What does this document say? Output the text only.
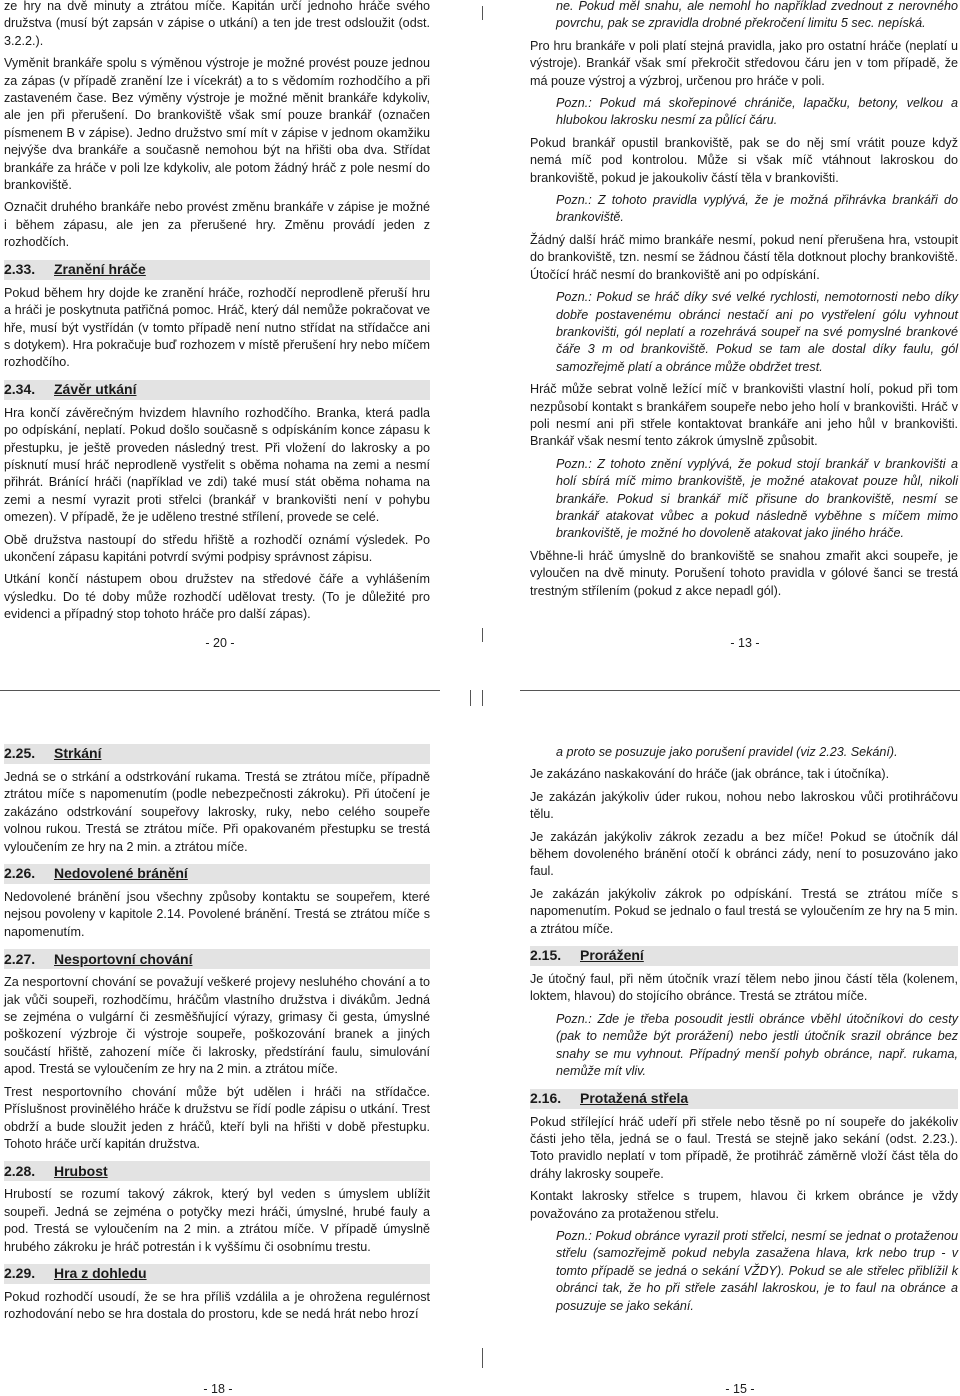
ze hry na dvě minuty a ztrátou míče. Kapitán určí jednoho hráče svého družstva (musí být zapsán v zápise o utkání) a ten jde trest odsloužit (odst. 3.2.2.).

Vyměnit brankáře spolu s výměnou výstroje je možné provést pouze jednou za zápas (v případě zranění lze i vícekrát) a to s vědomím rozhodčího a při zastaveném čase. Bez výměny výstroje je možné měnit brankáře kdykoliv, ale jen při přerušení. Do brankoviště však smí pouze brankář (označen písmenem B v zápise). Jedno družstvo smí mít v zápise v jednom okamžiku nejvýše dva brankáře a současně nemohou být na hřišti oba dva. Střídat brankáře za hráče v poli lze kdykoliv, ale potom žádný hráč z pole nesmí do brankoviště.

Označit druhého brankáře nebo provést změnu brankáře v zápise je možné i během zápasu, ale jen za přerušené hry. Změnu provádí jeden z rozhodčích.

2.33.	Zranění hráče

Pokud během hry dojde ke zranění hráče, rozhodčí neprodleně přeruší hru a hráči je poskytnuta patřičná pomoc. Hráč, který dál nemůže pokračovat ve hře, musí být vystřídán (v tomto případě není nutno střídat na střídačce ani s dotykem). Hra pokračuje buď rozhozem v místě přerušení hry nebo míčem rozhodčího.

2.34.	Závěr utkání

Hra končí závěrečným hvizdem hlavního rozhodčího. Branka, která padla po odpískání, neplatí. Pokud došlo současně s odpískáním konce zápasu k přestupku, je ještě proveden následný trest. Při vložení do lakrosky a po písknutí musí hráč neprodleně vystřelit s oběma nohama na zemi a nesmí přihrát. Bránící hráči (například ve zdi) také musí stát oběma nohama na zemi a nesmí vyrazit proti střelci (brankář v brankovišti není v pohybu omezen). V případě, že je uděleno trestné střílení, provede se celé.

Obě družstva nastoupí do středu hřiště a rozhodčí oznámí výsledek. Po ukončení zápasu kapitáni potvrdí svými podpisy správnost zápisu.

Utkání končí nástupem obou družstev na středové čáře a vyhlášením výsledku. Do té doby může rozhodčí udělovat tresty. (To je důležité pro evidenci a případný stop tohoto hráče pro další zápas).

- 20 -

ne. Pokud měl snahu, ale nemohl ho například zvednout z nerovného povrchu, pak se zpravidla drobné překročení limitu 5 sec. nepíská.

Pro hru brankáře v poli platí stejná pravidla, jako pro ostatní hráče (neplatí u výstroje). Brankář však smí překročit středovou čáru jen v tom případě, že má pouze výstroj a výzbroj, určenou pro hráče v poli.

Pozn.: Pokud má skořepinové chrániče, lapačku, betony, velkou a hlubokou lakrosku nesmí za půlící čáru.

Pokud brankář opustil brankoviště, pak se do něj smí vrátit pouze když nemá míč pod kontrolou. Může si však míč vtáhnout lakroskou do brankoviště, pokud je jakoukoliv částí těla v brankovišti.

Pozn.: Z tohoto pravidla vyplývá, že je možná přihrávka brankáři do brankoviště.

Žádný další hráč mimo brankáře nesmí, pokud není přerušena hra, vstoupit do brankoviště, tzn. nesmí se žádnou částí těla dotknout plochy brankoviště. Útočící hráč nesmí do brankoviště ani po odpískání.

Pozn.: Pokud se hráč díky své velké rychlosti, nemotornosti nebo díky dobře postavenému obránci nestačí ani po vystřelení gólu vyhnout brankovišti, gól neplatí a rozehrává soupeř na své pomyslné brankové čáře 3 m od brankoviště. Pokud se tam ale dostal díky faulu, gól samozřejmě platí a obránce může obdržet trest.

Hráč může sebrat volně ležící míč v brankovišti vlastní holí, pokud při tom nezpůsobí kontakt s brankářem soupeře nebo jeho holí v brankovišti. Hráč v poli nesmí ani při střele kontaktovat brankáře ani jeho hůl v brankovišti. Brankář však nesmí tento zákrok úmyslně způsobit.

Pozn.: Z tohoto znění vyplývá, že pokud stojí brankář v brankovišti a holí sbírá míč mimo brankoviště, je možné atakovat pouze hůl, nikoli brankáře. Pokud si brankář míč přisune do brankoviště, nesmí se brankář atakovat vůbec a pokud následně vyběhne s míčem mimo brankoviště, je možné ho dovoleně atakovat jako jiného hráče.

Vběhne-li hráč úmyslně do brankoviště se snahou zmařit akci soupeře, je vyloučen na dvě minuty. Porušení tohoto pravidla v gólové šanci se trestá trestným střílením (pokud z akce nepadl gól).

- 13 -
2.25.	Strkání

Jedná se o strkání a odstrkování rukama. Trestá se ztrátou míče, případně ztrátou míče s napomenutím (podle nebezpečnosti zákroku). Při útočení je zakázáno odstrkování soupeřovy lakrosky, ruky, nebo celého soupeře volnou rukou. Trestá se ztrátou míče. Při opakovaném přestupku se trestá vyloučením ze hry na 2 min. a ztrátou míče.

2.26.	Nedovolené bránění

Nedovolené bránění jsou všechny způsoby kontaktu se soupeřem, které nejsou povoleny v kapitole 2.14. Povolené bránění. Trestá se ztrátou míče s napomenutím.

2.27.	Nesportovní chování

Za nesportovní chování se považují veškeré projevy nesluhého chování a to jak vůči soupeři, rozhodčímu, hráčům vlastního družstva i divákům. Jedná se zejména o vulgární či zesměšňující výrazy, grimasy či gesta, úmyslné poškození výzbroje či výstroje soupeře, poškozování branek a jiných součástí hřiště, zahození míče či lakrosky, předstírání faulu, simulování apod. Trestá se vyloučením ze hry na 2 min. a ztrátou míče.

Trest nesportovního chování může být udělen i hráči na střídačce. Příslušnost provinělého hráče k družstvu se řídí podle zápisu o utkání. Trest obdrží a bude sloužit jeden z hráčů, kteří byli na hřišti v době přestupku. Tohoto hráče určí kapitán družstva.

2.28.	Hrubost

Hrubostí se rozumí takový zákrok, který byl veden s úmyslem ublížit soupeři. Jedná se zejména o potyčky mezi hráči, úmyslné, hrubé fauly a pod. Trestá se vyloučením na 2 min. a ztrátou míče. V případě úmyslně hrubého zákroku je hráč potrestán i k vyššímu či osobnímu trestu.

2.29.	Hra z dohledu

Pokud rozhodčí usoudí, že se hra příliš vzdálila a je ohrožena regulérnost rozhodování nebo se hra dostala do prostoru, kde se nedá hrát nebo hrozí

- 18 -

a proto se posuzuje jako porušení pravidel (viz 2.23. Sekání).

Je zakázáno naskakování do hráče (jak obránce, tak i útočníka).

Je zakázán jakýkoliv úder rukou, nohou nebo lakroskou vůči protihráčovu tělu.

Je zakázán jakýkoliv zákrok zezadu a bez míče! Pokud se útočník dál během dovoleného bránění otočí k obránci zády, není to posuzováno jako faul.

Je zakázán jakýkoliv zákrok po odpískání. Trestá se ztrátou míče s napomenutím. Pokud se jednalo o faul trestá se vyloučením ze hry na 5 min. a ztrátou míče.

2.15.	Prorážení

Je útočný faul, při něm útočník vrazí tělem nebo jinou částí těla (kolenem, loktem, hlavou) do stojícího obránce. Trestá se ztrátou míče.

Pozn.: Zde je třeba posoudit jestli obránce vběhl útočníkovi do cesty (pak to nemůže být prorážení) nebo jestli útočník srazil obránce bez snahy se mu vyhnout. Případný menší pohyb obránce, např. rukama, nemůže mít vliv.

2.16.	Protažená střela

Pokud střílející hráč udeří při střele nebo těsně po ní soupeře do jakékoliv části jeho těla, jedná se o faul. Trestá se stejně jako sekání (odst. 2.23.). Toto pravidlo neplatí v tom případě, že protihráč záměrně vloží část těla do dráhy lakrosky soupeře.

Kontakt lakrosky střelce s trupem, hlavou či krkem obránce je vždy považováno za protaženou střelu.

Pozn.: Pokud obránce vyrazil proti střelci, nesmí se jednat o protaženou střelu (samozřejmě pokud nebyla zasažena hlava, krk nebo trup - v tomto případě se jedná o sekání VŽDY). Pokud se ale střelec přiblížil k obránci tak, že ho při střele zasáhl lakroskou, je to faul na obránce a posuzuje se jako sekání.

- 15 -
